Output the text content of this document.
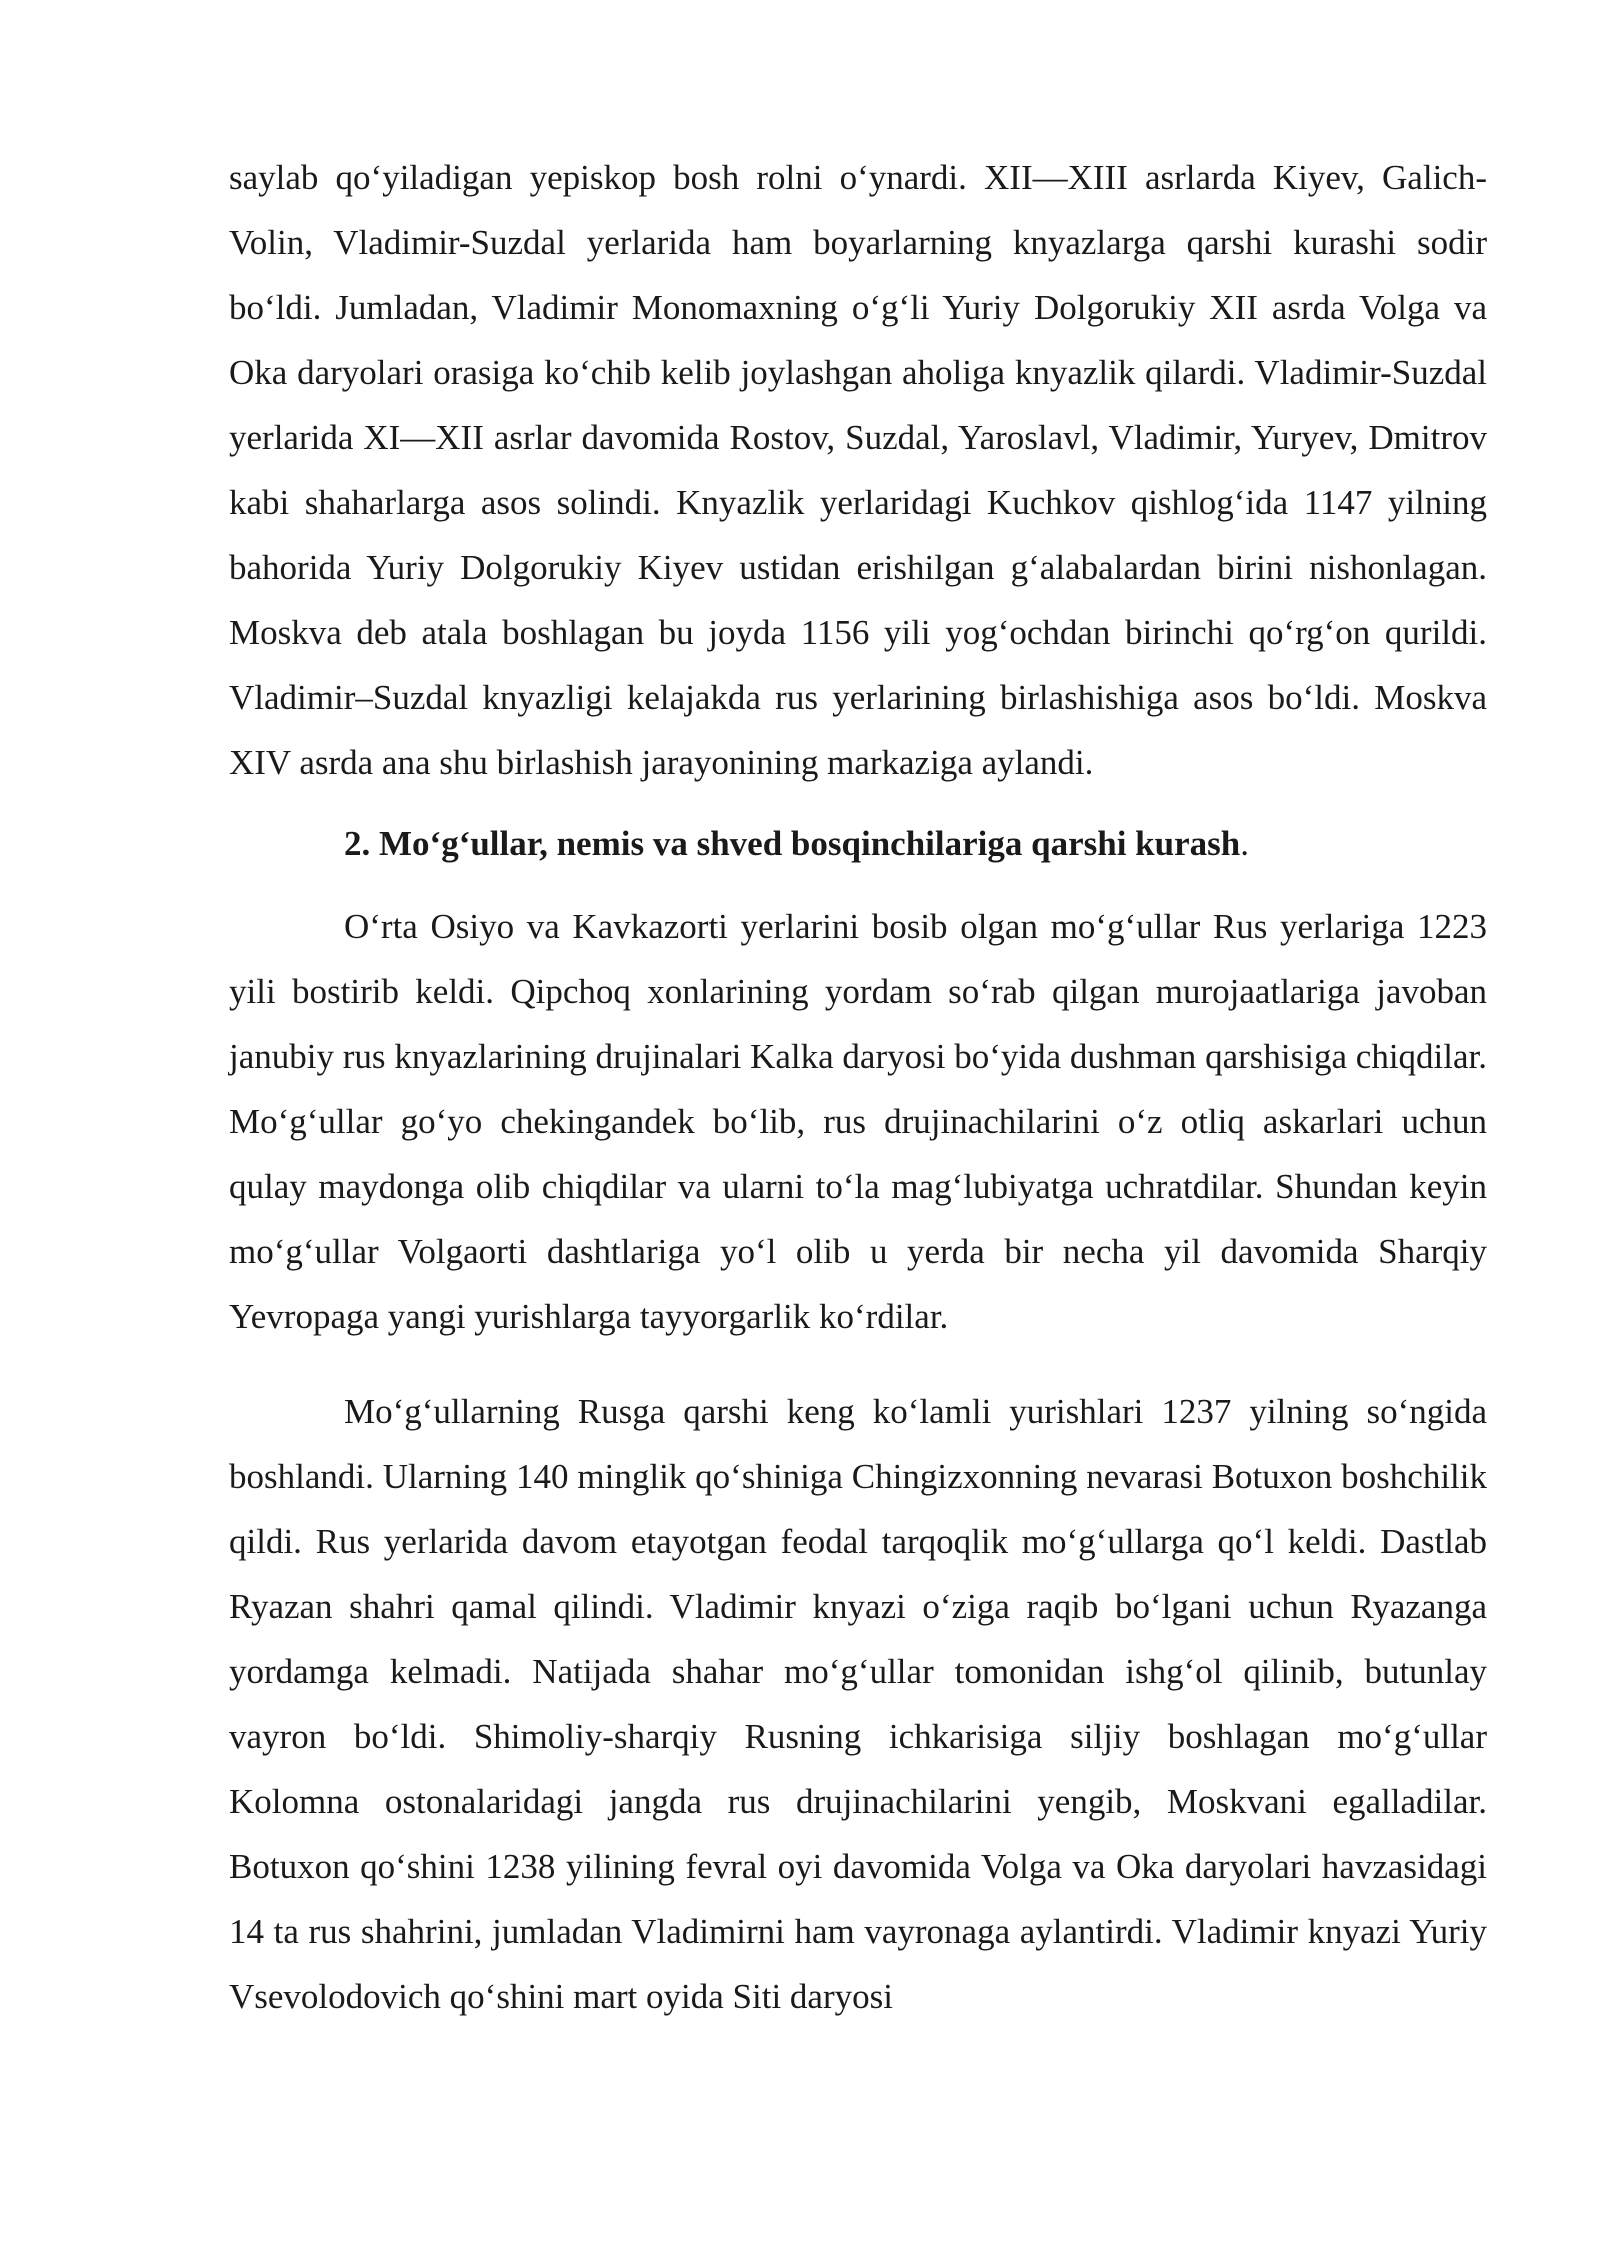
saylab qo‘yiladigan yepiskop bosh rolni o‘ynardi. XII—XIII asrlarda Kiyev, Galich-Volin, Vladimir-Suzdal yerlarida ham boyarlarning knyazlarga qarshi kurashi sodir bo‘ldi. Jumladan, Vladimir Monomaxning o‘g‘li Yuriy Dolgorukiy XII asrda Volga va Oka daryolari orasiga ko‘chib kelib joylashgan aholiga knyazlik qilardi. Vladimir-Suzdal yerlarida XI—XII asrlar davomida Rostov, Suzdal, Yaroslavl, Vladimir, Yuryev, Dmitrov kabi shaharlarga asos solindi. Knyazlik yerlaridagi Kuchkov qishlog‘ida 1147 yilning bahorida Yuriy Dolgorukiy Kiyev ustidan erishilgan g‘alabalardan birini nishonlagan. Moskva deb atala boshlagan bu joyda 1156 yili yog‘ochdan birinchi qo‘rg‘on qurildi. Vladimir–Suzdal knyazligi kelajakda rus yerlarining birlashishiga asos bo‘ldi. Moskva XIV asrda ana shu birlashish jarayonining markaziga aylandi.

2. Mo‘g‘ullar, nemis va shved bosqinchilariga qarshi kurash.

O‘rta Osiyo va Kavkazorti yerlarini bosib olgan mo‘g‘ullar Rus yerlariga 1223 yili bostirib keldi. Qipchoq xonlarining yordam so‘rab qilgan murojaatlariga javoban janubiy rus knyazlarining drujinalari Kalka daryosi bo‘yida dushman qarshisiga chiqdilar. Mo‘g‘ullar go‘yo chekingandek bo‘lib, rus drujinachilarini o‘z otliq askarlari uchun qulay maydonga olib chiqdilar va ularni to‘la mag‘lubiyatga uchratdilar. Shundan keyin mo‘g‘ullar Volgaorti dashtlariga yo‘l olib u yerda bir necha yil davomida Sharqiy Yevropaga yangi yurishlarga tayyorgarlik ko‘rdilar.

Mo‘g‘ullarning Rusga qarshi keng ko‘lamli yurishlari 1237 yilning so‘ngida boshlandi. Ularning 140 minglik qo‘shiniga Chingizxonning nevarasi Botuxon boshchilik qildi. Rus yerlarida davom etayotgan feodal tarqoqlik mo‘g‘ullarga qo‘l keldi. Dastlab Ryazan shahri qamal qilindi. Vladimir knyazi o‘ziga raqib bo‘lgani uchun Ryazanga yordamga kelmadi. Natijada shahar mo‘g‘ullar tomonidan ishg‘ol qilinib, butunlay vayron bo‘ldi. Shimoliy-sharqiy Rusning ichkarisiga siljiy boshlagan mo‘g‘ullar Kolomna ostonalaridagi jangda rus drujinachilarini yengib, Moskvani egalladilar. Botuxon qo‘shini 1238 yilining fevral oyi davomida Volga va Oka daryolari havzasidagi 14 ta rus shahrini, jumladan Vladimirni ham vayronaga aylantirdi. Vladimir knyazi Yuriy Vsevolodovich qo‘shini mart oyida Siti daryosi
